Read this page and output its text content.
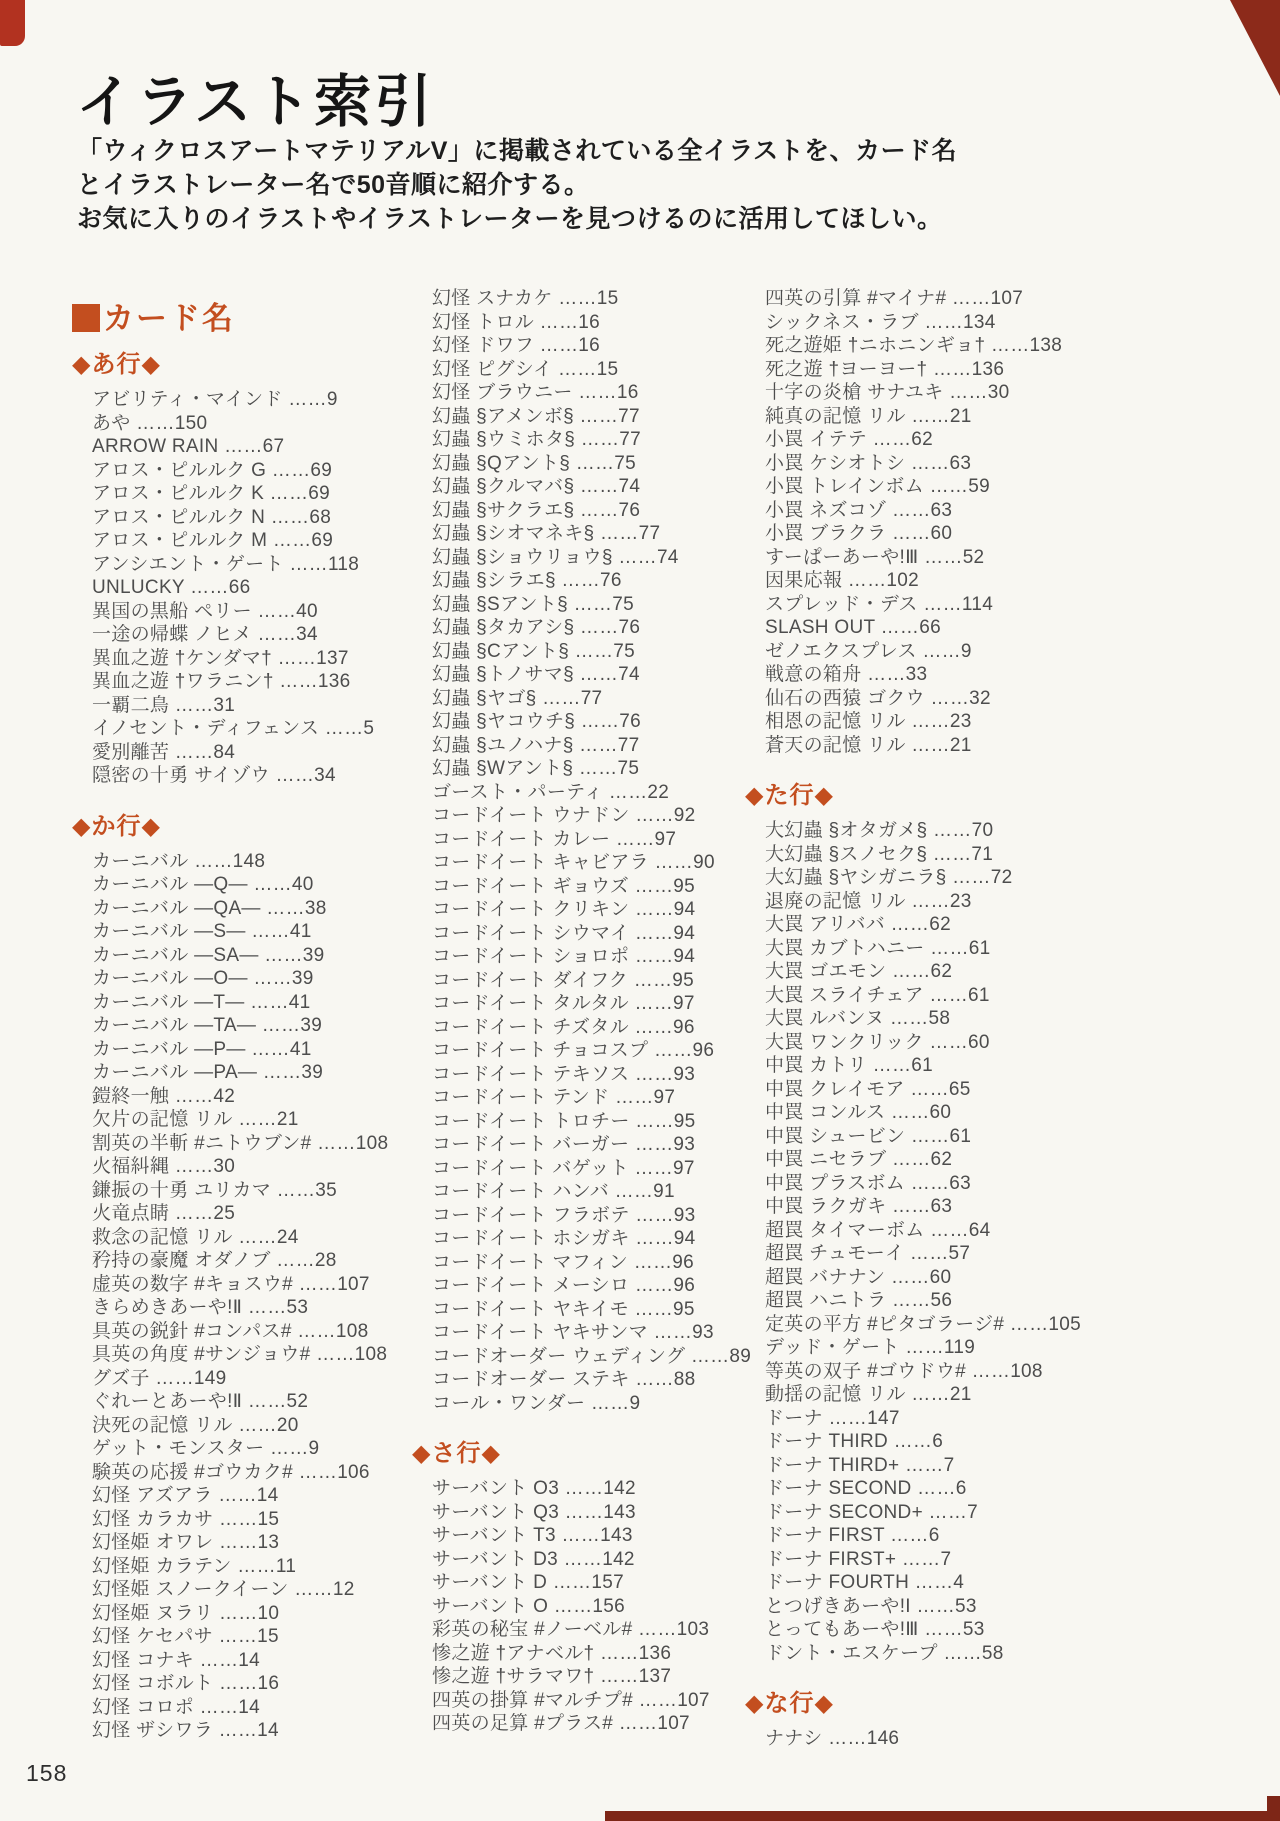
イラスト索引

「ウィクロスアートマテリアルV」に掲載されている全イラストを、カード名
とイラストレーター名で50音順に紹介する。
お気に入りのイラストやイラストレーターを見つけるのに活用してほしい。

カード名
◆あ行◆
アビリティ・マインド ……9
あや ……150
ARROW RAIN ……67
アロス・ピルルク G ……69
アロス・ピルルク K ……69
アロス・ピルルク N ……68
アロス・ピルルク M ……69
アンシエント・ゲート ……118
UNLUCKY ……66
異国の黒船 ペリー ……40
一途の帰蝶 ノヒメ ……34
異血之遊 †ケンダマ† ……137
異血之遊 †ワラニン† ……136
一覇二鳥 ……31
イノセント・ディフェンス ……5
愛別離苦 ……84
隠密の十勇 サイゾウ ……34
◆か行◆
カーニバル ……148
カーニバル —Q— ……40
カーニバル —QA— ……38
カーニバル —S— ……41
カーニバル —SA— ……39
カーニバル —O— ……39
カーニバル —T— ……41
カーニバル —TA— ……39
カーニバル —P— ……41
カーニバル —PA— ……39
鎧終一触 ……42
欠片の記憶 リル ……21
割英の半斬 #ニトウブン# ……108
火福糾縄 ……30
鎌振の十勇 ユリカマ ……35
火竜点睛 ……25
救念の記憶 リル ……24
矜持の豪魔 オダノブ ……28
虚英の数字 #キョスウ# ……107
きらめきあーや!Ⅱ ……53
具英の鋭針 #コンパス# ……108
具英の角度 #サンジョウ# ……108
グズ子 ……149
ぐれーとあーや!Ⅱ ……52
決死の記憶 リル ……20
ゲット・モンスター ……9
験英の応援 #ゴウカク# ……106
幻怪 アズアラ ……14
幻怪 カラカサ ……15
幻怪姫 オワレ ……13
幻怪姫 カラテン ……11
幻怪姫 スノークイーン ……12
幻怪姫 ヌラリ ……10
幻怪 ケセパサ ……15
幻怪 コナキ ……14
幻怪 コボルト ……16
幻怪 コロポ ……14
幻怪 ザシワラ ……14
幻怪 スナカケ ……15
幻怪 トロル ……16
幻怪 ドワフ ……16
幻怪 ピグシイ ……15
幻怪 ブラウニー ……16
幻蟲 §アメンボ§ ……77
幻蟲 §ウミホタ§ ……77
幻蟲 §Qアント§ ……75
幻蟲 §クルマバ§ ……74
幻蟲 §サクラエ§ ……76
幻蟲 §シオマネキ§ ……77
幻蟲 §ショウリョウ§ ……74
幻蟲 §シラエ§ ……76
幻蟲 §Sアント§ ……75
幻蟲 §タカアシ§ ……76
幻蟲 §Cアント§ ……75
幻蟲 §トノサマ§ ……74
幻蟲 §ヤゴ§ ……77
幻蟲 §ヤコウチ§ ……76
幻蟲 §ユノハナ§ ……77
幻蟲 §Wアント§ ……75
ゴースト・パーティ ……22
コードイート ウナドン ……92
コードイート カレー ……97
コードイート キャビアラ ……90
コードイート ギョウズ ……95
コードイート クリキン ……94
コードイート シウマイ ……94
コードイート ショロポ ……94
コードイート ダイフク ……95
コードイート タルタル ……97
コードイート チズタル ……96
コードイート チョコスプ ……96
コードイート テキソス ……93
コードイート テンド ……97
コードイート トロチー ……95
コードイート バーガー ……93
コードイート バゲット ……97
コードイート ハンバ ……91
コードイート フラボテ ……93
コードイート ホシガキ ……94
コードイート マフィン ……96
コードイート メーシロ ……96
コードイート ヤキイモ ……95
コードイート ヤキサンマ ……93
コードオーダー ウェディング ……89
コードオーダー ステキ ……88
コール・ワンダー ……9
◆さ行◆
サーバント O3 ……142
サーバント Q3 ……143
サーバント T3 ……143
サーバント D3 ……142
サーバント D ……157
サーバント O ……156
彩英の秘宝 #ノーベル# ……103
惨之遊 †アナベル† ……136
惨之遊 †サラマワ† ……137
四英の掛算 #マルチプ# ……107
四英の足算 #プラス# ……107
四英の引算 #マイナ# ……107
シックネス・ラブ ……134
死之遊姫 †ニホニンギョ† ……138
死之遊 †ヨーヨー† ……136
十字の炎槍 サナユキ ……30
純真の記憶 リル ……21
小罠 イテテ ……62
小罠 ケシオトシ ……63
小罠 トレインボム ……59
小罠 ネズコゾ ……63
小罠 ブラクラ ……60
すーぱーあーや!Ⅲ ……52
因果応報 ……102
スプレッド・デス ……114
SLASH OUT ……66
ゼノエクスプレス ……9
戦意の箱舟 ……33
仙石の西猿 ゴクウ ……32
相恩の記憶 リル ……23
蒼天の記憶 リル ……21
◆た行◆
大幻蟲 §オタガメ§ ……70
大幻蟲 §スノセク§ ……71
大幻蟲 §ヤシガニラ§ ……72
退廃の記憶 リル ……23
大罠 アリババ ……62
大罠 カブトハニー ……61
大罠 ゴエモン ……62
大罠 スライチェア ……61
大罠 ルバンヌ ……58
大罠 ワンクリック ……60
中罠 カトリ ……61
中罠 クレイモア ……65
中罠 コンルス ……60
中罠 シュービン ……61
中罠 ニセラブ ……62
中罠 プラスボム ……63
中罠 ラクガキ ……63
超罠 タイマーボム ……64
超罠 チュモーイ ……57
超罠 バナナン ……60
超罠 ハニトラ ……56
定英の平方 #ピタゴラージ# ……105
デッド・ゲート ……119
等英の双子 #ゴウドウ# ……108
動揺の記憶 リル ……21
ドーナ ……147
ドーナ THIRD ……6
ドーナ THIRD+ ……7
ドーナ SECOND ……6
ドーナ SECOND+ ……7
ドーナ FIRST ……6
ドーナ FIRST+ ……7
ドーナ FOURTH ……4
とつげきあーや!I ……53
とってもあーや!Ⅲ ……53
ドント・エスケープ ……58
◆な行◆
ナナシ ……146
158
